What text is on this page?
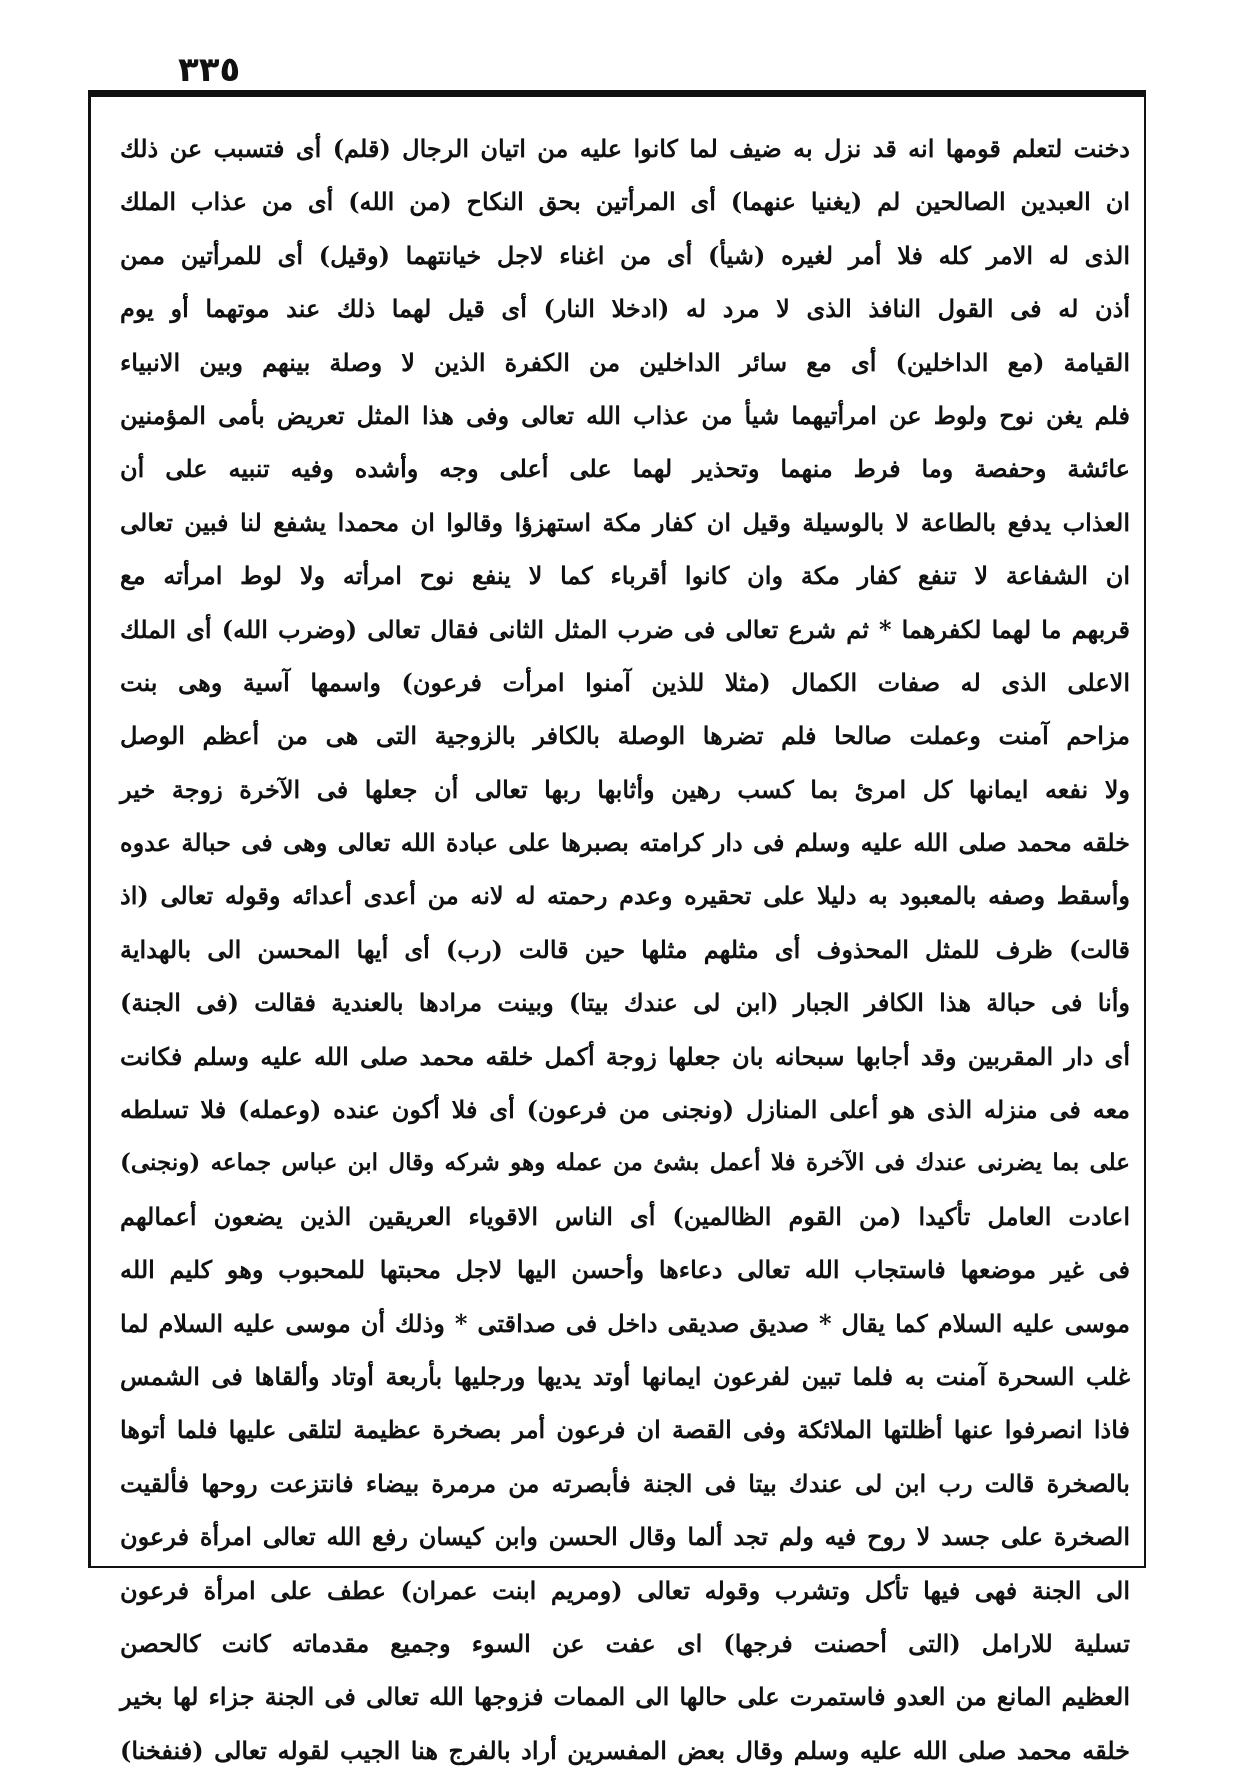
٣٣٥
دخنت لتعلم قومها انه قد نزل به ضيف لما كانوا عليه من اتيان الرجال (قلم) أى فتسبب عن ذلك
ان العبدين الصالحين لم (يغنيا عنهما) أى المرأتين بحق النكاح (من الله) أى من عذاب الملك
الذى له الامر كله فلا أمر لغيره (شيأ) أى من اغناء لاجل خيانتهما (وقيل) أى للمرأتين ممن
أذن له فى القول النافذ الذى لا مرد له (ادخلا النار) أى قيل لهما ذلك عند موتهما أو يوم
القيامة (مع الداخلين) أى مع سائر الداخلين من الكفرة الذين لا وصلة بينهم وبين الانبياء
فلم يغن نوح ولوط عن امرأتيهما شيأ من عذاب الله تعالى وفى هذا المثل تعريض بأمى المؤمنين
عائشة وحفصة وما فرط منهما وتحذير لهما على أعلى وجه وأشده وفيه تنبيه على أن
العذاب يدفع بالطاعة لا بالوسيلة وقيل ان كفار مكة استهزؤا وقالوا ان محمدا يشفع لنا فبين تعالى
ان الشفاعة لا تنفع كفار مكة وان كانوا أقرباء كما لا ينفع نوح امرأته ولا لوط امرأته مع
قربهم ما لهما لكفرهما * ثم شرع تعالى فى ضرب المثل الثانى فقال تعالى (وضرب الله) أى الملك
الاعلى الذى له صفات الكمال (مثلا للذين آمنوا امرأت فرعون) واسمها آسية وهى بنت
مزاحم آمنت وعملت صالحا فلم تضرها الوصلة بالكافر بالزوجية التى هى من أعظم الوصل
ولا نفعه ايمانها كل امرئ بما كسب رهين وأثابها ربها تعالى أن جعلها فى الآخرة زوجة خير
خلقه محمد صلى الله عليه وسلم فى دار كرامته بصبرها على عبادة الله تعالى وهى فى حبالة عدوه
وأسقط وصفه بالمعبود به دليلا على تحقيره وعدم رحمته له لانه من أعدى أعدائه وقوله تعالى (اذ
قالت) ظرف للمثل المحذوف أى مثلهم مثلها حين قالت (رب) أى أيها المحسن الى بالهداية
وأنا فى حبالة هذا الكافر الجبار (ابن لى عندك بيتا) وبينت مرادها بالعندية فقالت (فى الجنة)
أى دار المقربين وقد أجابها سبحانه بان جعلها زوجة أكمل خلقه محمد صلى الله عليه وسلم فكانت
معه فى منزله الذى هو أعلى المنازل (ونجنى من فرعون) أى فلا أكون عنده (وعمله) فلا تسلطه
على بما يضرنى عندك فى الآخرة فلا أعمل بشئ من عمله وهو شركه وقال ابن عباس جماعه (ونجنى)
اعادت العامل تأكيدا (من القوم الظالمين) أى الناس الاقوياء العريقين الذين يضعون أعمالهم
فى غير موضعها فاستجاب الله تعالى دعاءها وأحسن اليها لاجل محبتها للمحبوب وهو كليم الله
موسى عليه السلام كما يقال * صديق صديقى داخل فى صداقتى * وذلك أن موسى عليه السلام لما
غلب السحرة آمنت به فلما تبين لفرعون ايمانها أوتد يديها ورجليها بأربعة أوتاد وألقاها فى الشمس
فاذا انصرفوا عنها أظلتها الملائكة وفى القصة ان فرعون أمر بصخرة عظيمة لتلقى عليها فلما أتوها
بالصخرة قالت رب ابن لى عندك بيتا فى الجنة فأبصرته من مرمرة بيضاء فانتزعت روحها فألقيت
الصخرة على جسد لا روح فيه ولم تجد ألما وقال الحسن وابن كيسان رفع الله تعالى امرأة فرعون
الى الجنة فهى فيها تأكل وتشرب وقوله تعالى (ومريم ابنت عمران) عطف على امرأة فرعون
تسلية للارامل (التى أحصنت فرجها) اى عفت عن السوء وجميع مقدماته كانت كالحصن
العظيم المانع من العدو فاستمرت على حالها الى الممات فزوجها الله تعالى فى الجنة جزاء لها بخير
خلقه محمد صلى الله عليه وسلم وقال بعض المفسرين أراد بالفرج هنا الجيب لقوله تعالى (فنفخنا)
